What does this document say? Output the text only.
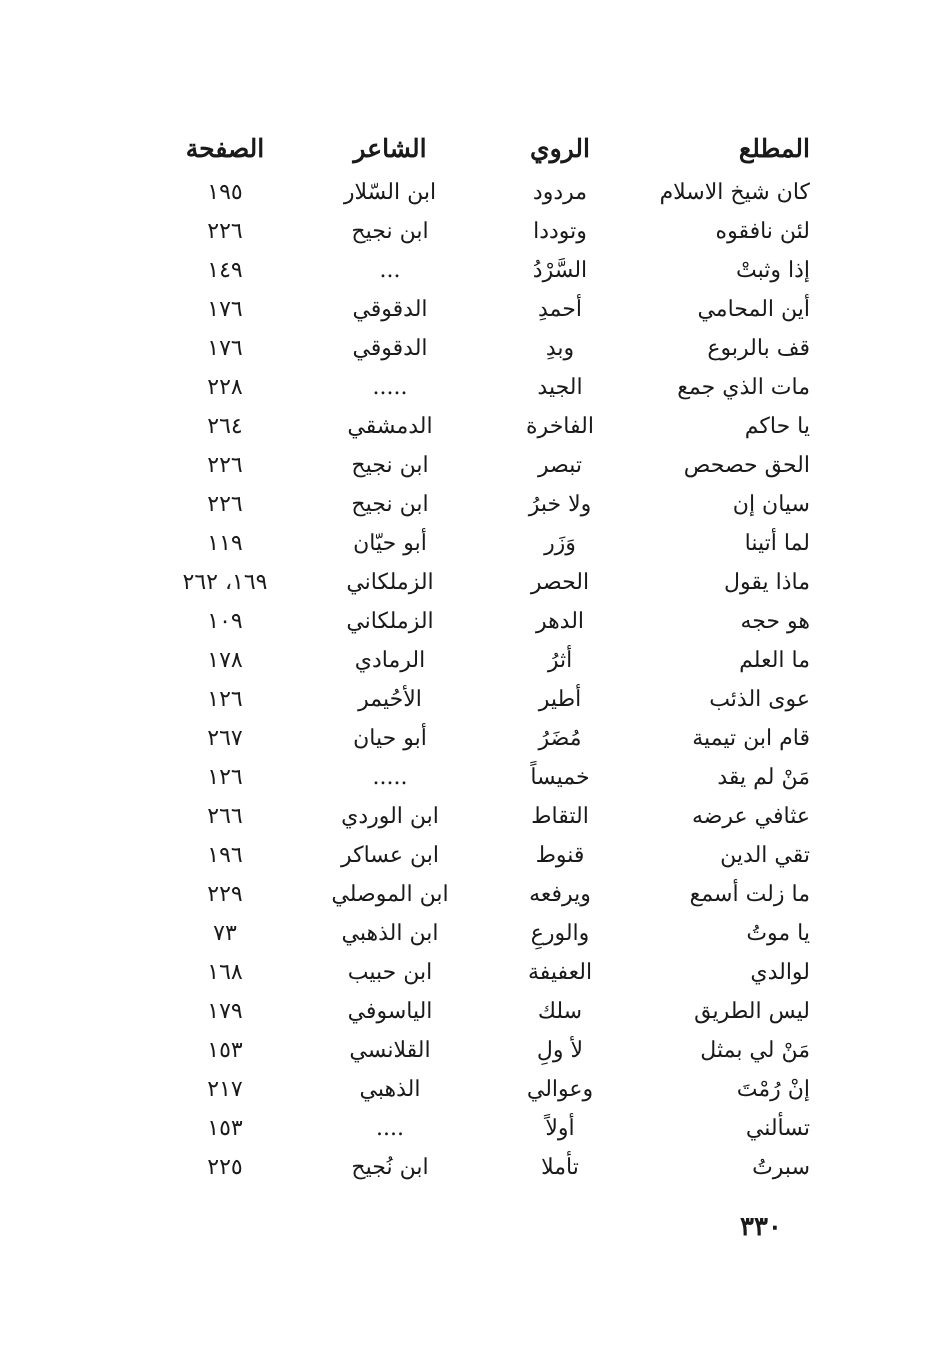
المطلع
الروي
الشاعر
الصفحة
كان شيخ الاسلام
مردود
ابن السّلار
١٩٥
لئن نافقوه
وتوددا
ابن نجيح
٢٢٦
إذا وثبتْ
السَّرْدُ
...
١٤٩
أين المحامي
أحمدِ
الدقوقي
١٧٦
قف بالربوع
وبدِ
الدقوقي
١٧٦
مات الذي جمع
الجيد
.....
٢٢٨
يا حاكم
الفاخرة
الدمشقي
٢٦٤
الحق حصحص
تبصر
ابن نجيح
٢٢٦
سيان إن
ولا خبرُ
ابن نجيح
٢٢٦
لما أتينا
وَزَر
أبو حيّان
١١٩
ماذا يقول
الحصر
الزملكاني
١٦٩، ٢٦٢
هو حجه
الدهر
الزملكاني
١٠٩
ما العلم
أثرُ
الرمادي
١٧٨
عوى الذئب
أطير
الأحُيمر
١٢٦
قام ابن تيمية
مُضَرُ
أبو حيان
٢٦٧
مَنْ لم يقد
خميساً
.....
١٢٦
عثافي عرضه
التقاط
ابن الوردي
٢٦٦
تقي الدين
قنوط
ابن عساكر
١٩٦
ما زلت أسمع
ويرفعه
ابن الموصلي
٢٢٩
يا موتُ
والورعِ
ابن الذهبي
٧٣
لوالدي
العفيفة
ابن حبيب
١٦٨
ليس الطريق
سلك
الياسوفي
١٧٩
مَنْ لي بمثل
لأ ولِ
القلانسي
١٥٣
إنْ رُمْتَ
وعوالي
الذهبي
٢١٧
تسألني
أولاً
....
١٥٣
سبرتُ
تأملا
ابن نُجيح
٢٢٥
٣٣٠
